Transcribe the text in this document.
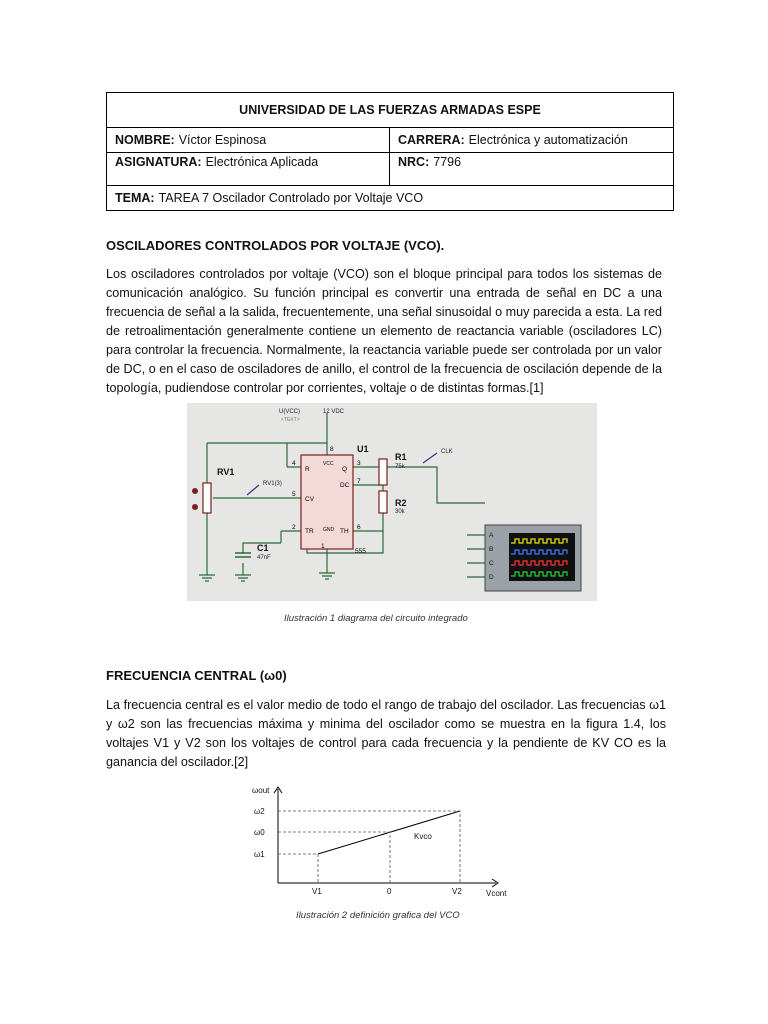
UNIVERSIDAD DE LAS FUERZAS ARMADAS ESPE
NOMBRE: Víctor Espinosa	CARRERA: Electrónica y automatización
ASIGNATURA: Electrónica Aplicada	NRC: 7796
TEMA: TAREA 7 Oscilador Controlado por Voltaje VCO
OSCILADORES CONTROLADOS POR VOLTAJE (VCO).
Los osciladores controlados por voltaje (VCO) son el bloque principal para todos los sistemas de comunicación analógico. Su función principal es convertir una entrada de señal en DC a una frecuencia de señal a la salida, frecuentemente, una señal sinusoidal o muy parecida a esta. La red de retroalimentación generalmente contiene un elemento de reactancia variable (osciladores LC) para controlar la frecuencia. Normalmente, la reactancia variable puede ser controlada por un valor de DC, o en el caso de osciladores de anillo, el control de la frecuencia de oscilación depende de la topología, pudiendose controlar por corrientes, voltaje o de distintas formas.[1]
R	Q
DC
CV
TR	TH
VCC
GND
4
8
3
5
7
2	6
1
555
U(VCC)
<TEXT>
12 VDC
U1
RV1
RV1(3)
R1
75k
R2
30k
C1
47nF
CLK
A
B
C
D
Ilustración 1 diagrama del circuito integrado
FRECUENCIA CENTRAL (ω0)
La frecuencia central es el valor medio de todo el rango de trabajo del oscilador. Las frecuencias ω1 y ω2 son las frecuencias máxima y minima del oscilador como se muestra en la figura 1.4, los voltajes V1 y V2 son los voltajes de control para cada frecuencia y la pendiente de KV CO es la ganancia del oscilador.[2]
ωout
ω2
ω0
ω1
V1	0	V2	Vcont
Kvco
Ilustración 2 definición grafica del VCO
